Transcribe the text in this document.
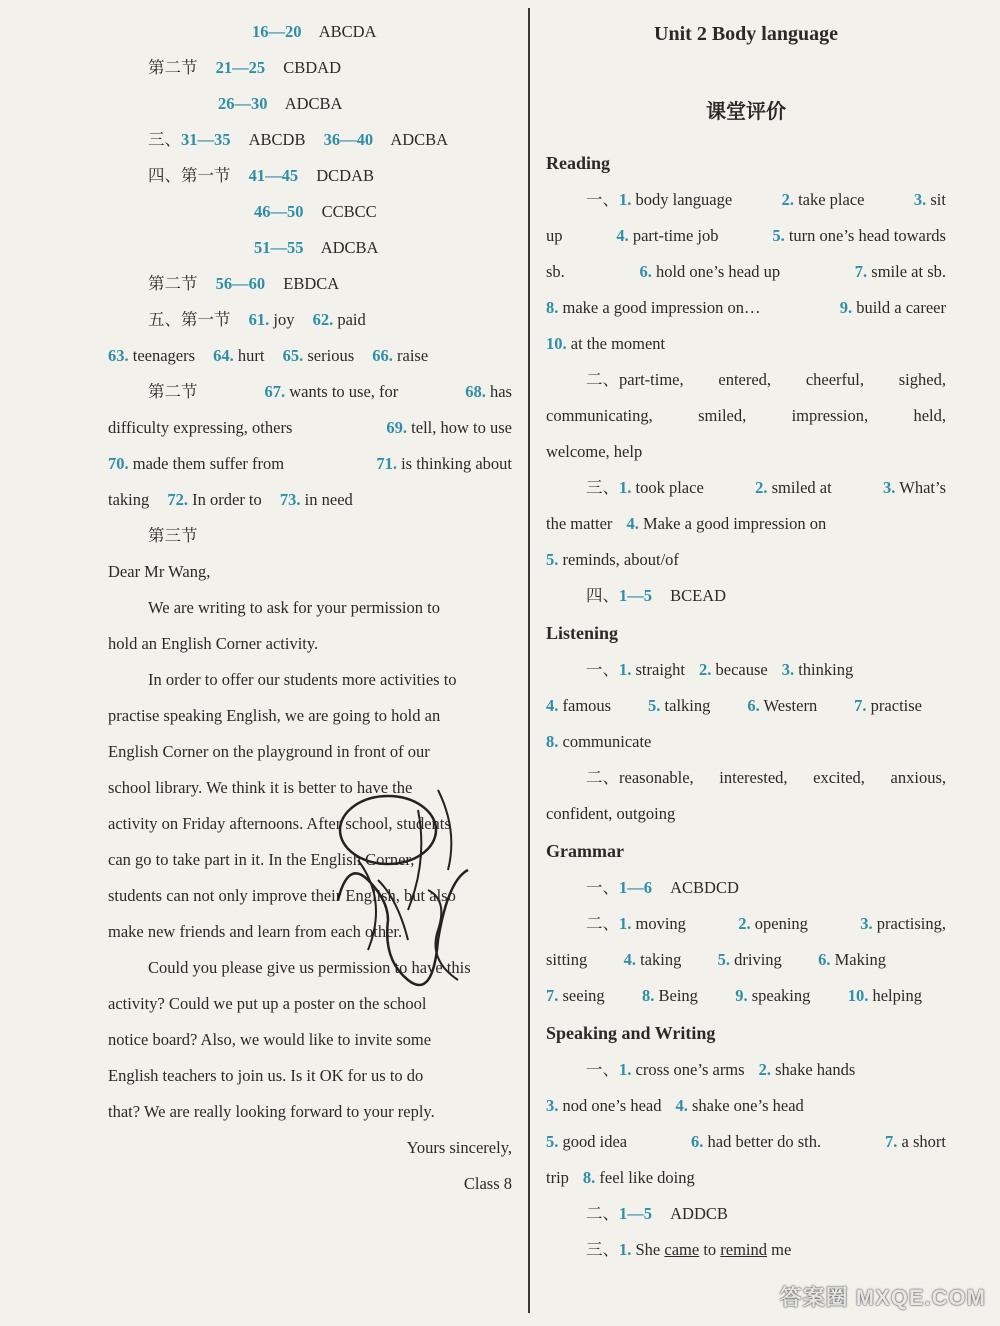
16—20 ABCDA
第二节 21—25 CBDAD
26—30 ADCBA
三、31—35 ABCDB 36—40 ADCBA
四、第一节 41—45 DCDAB
46—50 CCBCC
51—55 ADCBA
第二节 56—60 EBDCA
五、第一节 61. joy 62. paid
63. teenagers 64. hurt 65. serious 66. raise
第二节	67. wants to use, for	68. has
difficulty expressing, others	69. tell, how to use
70. made them suffer from	71. is thinking about
taking 72. In order to 73. in need
第三节
Dear Mr Wang,
We are writing to ask for your permission to
hold an English Corner activity.
In order to offer our students more activities to
practise speaking English, we are going to hold an
English Corner on the playground in front of our
school library. We think it is better to have the
activity on Friday afternoons. After school, students
can go to take part in it. In the English Corner,
students can not only improve their English, but also
make new friends and learn from each other.
Could you please give us permission to have this
activity? Could we put up a poster on the school
notice board? Also, we would like to invite some
English teachers to join us. Is it OK for us to do
that? We are really looking forward to your reply.
Yours sincerely,
Class 8
Unit 2 Body language
课堂评价
Reading
一、1. body language	2. take place	3. sit
up	4. part-time job	5. turn one’s head towards
sb.	6. hold one’s head up	7. smile at sb.
8. make a good impression on…	9. build a career
10. at the moment
二、part-time, entered, cheerful, sighed,
communicating,	smiled,	impression,	held,
welcome, help
三、1. took place	2. smiled at	3. What’s
the matter 4. Make a good impression on
5. reminds, about/of
四、1—5 BCEAD
Listening
一、1. straight 2. because 3. thinking
4. famous 5. talking 6. Western 7. practise
8. communicate
二、reasonable, interested, excited, anxious,
confident, outgoing
Grammar
一、1—6 ACBDCD
二、1. moving	2. opening	3. practising,
sitting 4. taking 5. driving 6. Making
7. seeing 8. Being 9. speaking 10. helping
Speaking and Writing
一、1. cross one’s arms 2. shake hands
3. nod one’s head 4. shake one’s head
5. good idea	6. had better do sth.	7. a short
trip 8. feel like doing
二、1—5 ADDCB
三、1. She came to remind me
答案圈 MXQE.COM
